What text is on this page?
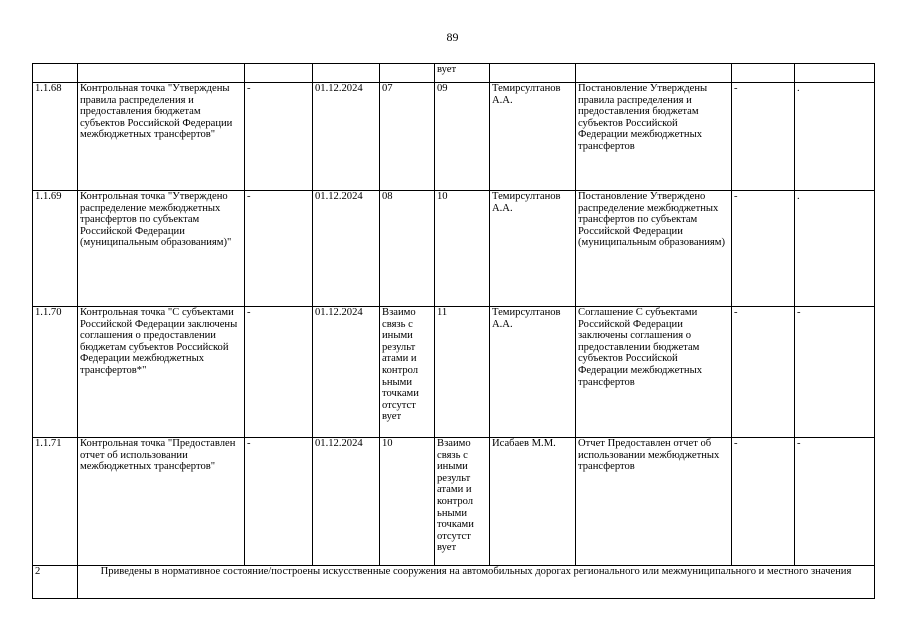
89
					вует				
1.1.68	Контрольная точка "Утверждены правила распределения и предоставления бюджетам субъектов Российской Федерации межбюджетных трансфертов"	-	01.12.2024	07	09	Темирсултанов А.А.	Постановление Утверждены правила распределения и предоставления бюджетам субъектов Российской Федерации межбюджетных трансфертов	-	.
1.1.69	Контрольная точка "Утверждено распределение межбюджетных трансфертов по субъектам Российской Федерации (муниципальным образованиям)"	-	01.12.2024	08	10	Темирсултанов А.А.	Постановление Утверждено распределение межбюджетных трансфертов по субъектам Российской Федерации (муниципальным образованиям)	-	.
1.1.70	Контрольная точка "С субъектами Российской Федерации заключены соглашения о предоставлении бюджетам субъектов Российской Федерации межбюджетных трансфертов*"	-	01.12.2024	Взаимо связь с иными результ атами и контрол ьными точками отсутст вует	11	Темирсултанов А.А.	Соглашение С субъектами Российской Федерации заключены соглашения о предоставлении бюджетам субъектов Российской Федерации межбюджетных трансфертов	-	-
1.1.71	Контрольная точка "Предоставлен отчет об использовании межбюджетных трансфертов"	-	01.12.2024	10	Взаимо связь с иными результ атами и контрол ьными точками отсутст вует	Исабаев М.М.	Отчет Предоставлен отчет об использовании межбюджетных трансфертов	-	-
2	Приведены в нормативное состояние/построены искусственные сооружения на автомобильных дорогах регионального или межмуниципального и местного значения								
